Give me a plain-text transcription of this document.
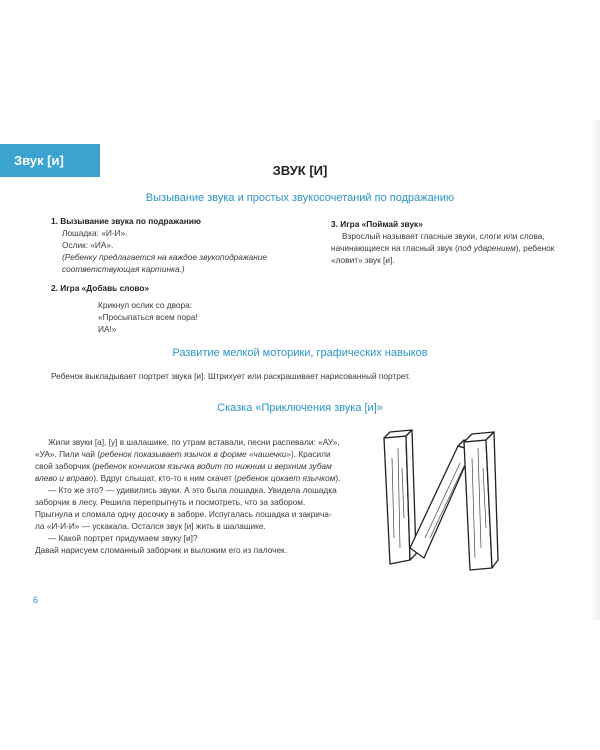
Звук [и]
ЗВУК [И]
Вызывание звука и простых звукосочетаний по подражанию
1. Вызывание звука по подражанию
Лошадка: «И-И».
Ослик: «ИА».
(Ребенку предлагается на каждое звукоподражание
соответствующая картинка.)
2. Игра «Добавь слово»
Крикнул ослик со двора:
«Просыпаться всем пора!
ИА!»
3. Игра «Поймай звук»
Взрослый называет гласные звуки, слоги или слова,
начинающиеся на гласный звук (под ударением), ребенок
«ловит» звук [и].
Развитие мелкой моторики, графических навыков
Ребенок выкладывает портрет звука [и]. Штрихует или раскрашивает нарисованный портрет.
Сказка «Приключения звука [и]»
Жили звуки [а], [у] в шалашике, по утрам вставали, песни распевали: «АУ»,
«УА». Пили чай (ребенок показывает язычок в форме «чашечки»). Красили
свой заборчик (ребенок кончиком язычка водит по нижним и верхним зубам
влево и вправо). Вдруг слышат, кто-то к ним скачет (ребенок цокает язычком).
— Кто же это? — удивились звуки. А это была лошадка. Увидела лошадка
заборчик в лесу. Решила перепрыгнуть и посмотреть, что за забором.
Прыгнула и сломала одну досочку в заборе. Испугалась лошадка и закрича-
ла «И-И-И» — ускакала. Остался звук [и] жить в шалашике.
— Какой портрет придумаем звуку [и]?
Давай нарисуем сломанный заборчик и выложим его из палочек.
6
